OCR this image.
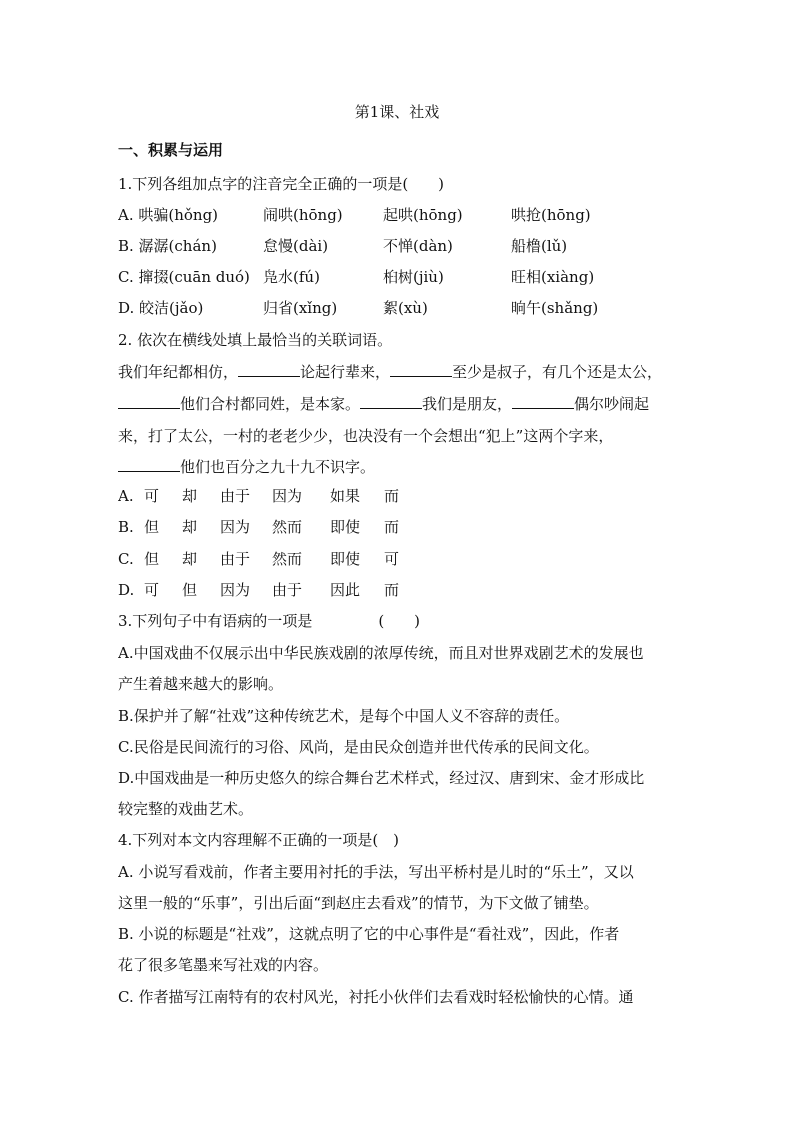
第1课、社戏
一、积累与运用
1.下列各组加点字的注音完全正确的一项是(　　)
A. 哄骗(hǒng)	闹哄(hōng)	起哄(hōng)	哄抢(hōng)
B. 潺潺(chán)	怠慢(dài)	不惮(dàn)	船橹(lǔ)
C. 撺掇(cuān duó) 凫水(fú)	桕树(jiù)	旺相(xiàng)
D. 皎洁(jǎo)	归省(xǐng)	絮(xù)	晌午(shǎng)
2. 依次在横线处填上最恰当的关联词语。
我们年纪都相仿，	论起行辈来，	至少是叔子，有几个还是太公，
他们合村都同姓，是本家。	我们是朋友，	偶尔吵闹起
来，打了太公，一村的老老少少，也决没有一个会想出“犯上”这两个字来，
他们也百分之九十九不识字。
A. 可	却	由于	因为	如果	而
B. 但	却	因为	然而	即使	而
C. 但	却	由于	然而	即使	可
D. 可	但	因为	由于	因此	而
3.下列句子中有语病的一项是	(　　)
A.中国戏曲不仅展示出中华民族戏剧的浓厚传统，而且对世界戏剧艺术的发展也
产生着越来越大的影响。
B.保护并了解“社戏”这种传统艺术，是每个中国人义不容辞的责任。
C.民俗是民间流行的习俗、风尚，是由民众创造并世代传承的民间文化。
D.中国戏曲是一种历史悠久的综合舞台艺术样式，经过汉、唐到宋、金才形成比
较完整的戏曲艺术。
4.下列对本文内容理解不正确的一项是(　)
A. 小说写看戏前，作者主要用衬托的手法，写出平桥村是儿时的“乐土”，又以
这里一般的“乐事”，引出后面“到赵庄去看戏”的情节，为下文做了铺垫。
B. 小说的标题是“社戏”，这就点明了它的中心事件是“看社戏”，因此，作者
花了很多笔墨来写社戏的内容。
C. 作者描写江南特有的农村风光，衬托小伙伴们去看戏时轻松愉快的心情。通
